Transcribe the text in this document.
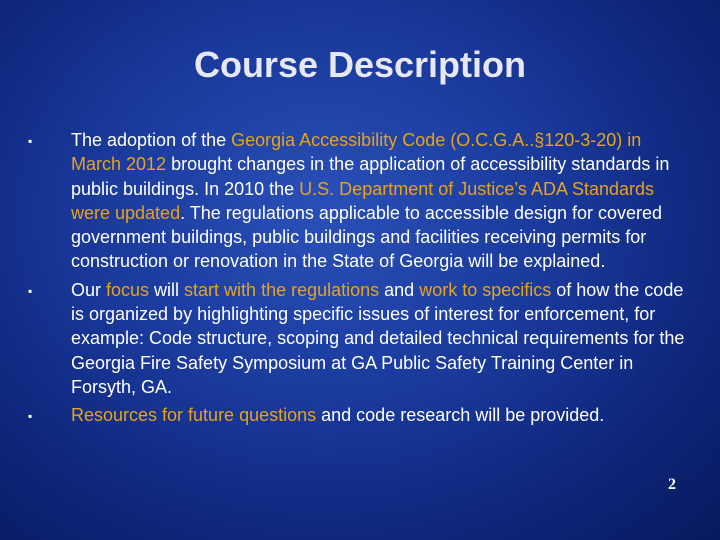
Course Description
▪ The adoption of the Georgia Accessibility Code (O.C.G.A..§120-3-20) in March 2012 brought changes in the application of accessibility standards in public buildings. In 2010 the U.S. Department of Justice’s ADA Standards were updated. The regulations applicable to accessible design for covered government buildings, public buildings and facilities receiving permits for construction or renovation in the State of Georgia will be explained.
▪ Our focus will start with the regulations and work to specifics of how the code is organized by highlighting specific issues of interest for enforcement, for example: Code structure, scoping and detailed technical requirements for the Georgia Fire Safety Symposium at GA Public Safety Training Center in Forsyth, GA.
▪ Resources for future questions and code research will be provided.
2
